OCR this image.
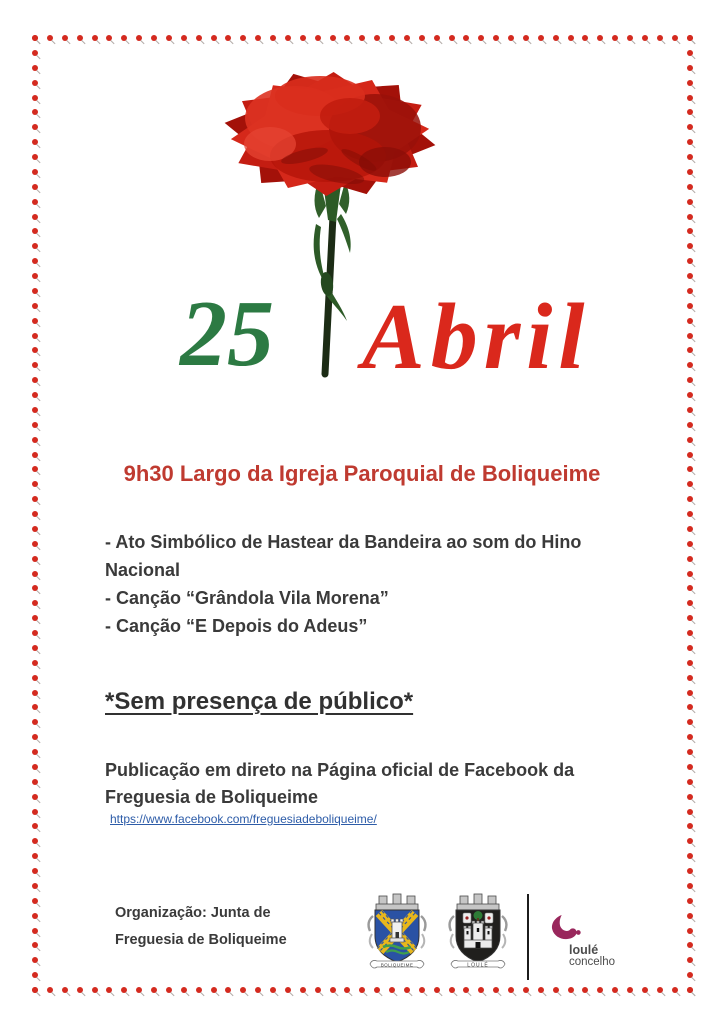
25 Abril
9h30 Largo da Igreja Paroquial de Boliqueime
- Ato Simbólico de Hastear da Bandeira ao som do Hino Nacional
- Canção “Grândola Vila Morena”
- Canção “E Depois do Adeus”
*Sem presença de público*
Publicação em direto na Página oficial de Facebook da Freguesia de Boliqueime
https://www.facebook.com/freguesiadeboliqueime/
Organização: Junta de
Freguesia de Boliqueime
BOLIQUEIME	LOULÉ
loulé
concelho
